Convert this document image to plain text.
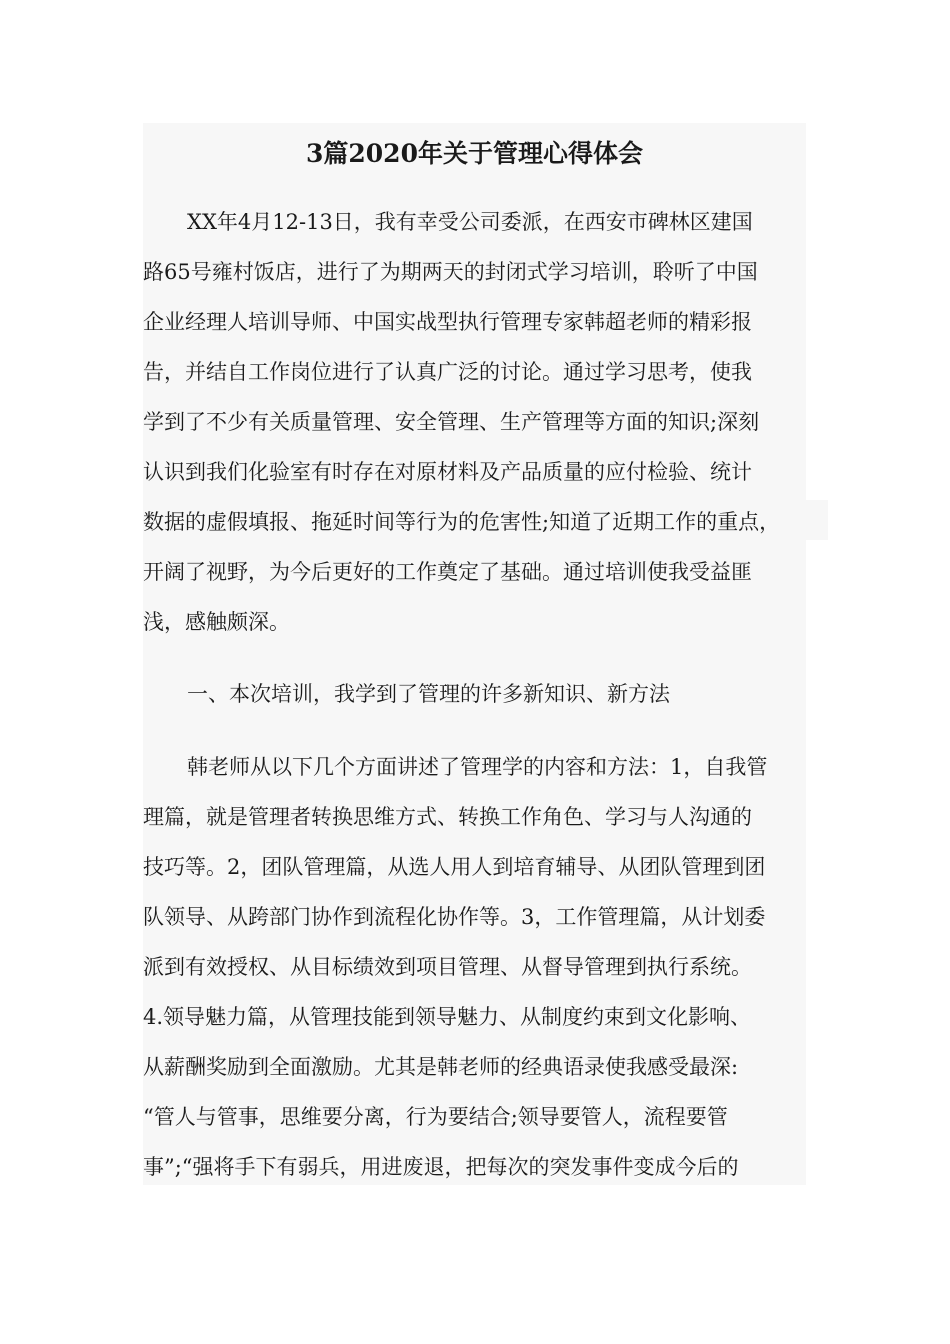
3篇2020年关于管理心得体会

XX年4月12-13日，我有幸受公司委派，在西安市碑林区建国

路65号雍村饭店，进行了为期两天的封闭式学习培训，聆听了中国

企业经理人培训导师、中国实战型执行管理专家韩超老师的精彩报

告，并结自工作岗位进行了认真广泛的讨论。通过学习思考，使我

学到了不少有关质量管理、安全管理、生产管理等方面的知识;深刻

认识到我们化验室有时存在对原材料及产品质量的应付检验、统计

数据的虚假填报、拖延时间等行为的危害性;知道了近期工作的重点，

开阔了视野，为今后更好的工作奠定了基础。通过培训使我受益匪

浅，感触颇深。

一、本次培训，我学到了管理的许多新知识、新方法

韩老师从以下几个方面讲述了管理学的内容和方法：1，自我管

理篇，就是管理者转换思维方式、转换工作角色、学习与人沟通的

技巧等。2，团队管理篇，从选人用人到培育辅导、从团队管理到团

队领导、从跨部门协作到流程化协作等。3，工作管理篇，从计划委

派到有效授权、从目标绩效到项目管理、从督导管理到执行系统。

4.领导魅力篇，从管理技能到领导魅力、从制度约束到文化影响、

从薪酬奖励到全面激励。尤其是韩老师的经典语录使我感受最深:

“管人与管事，思维要分离，行为要结合;领导要管人，流程要管

事”;“强将手下有弱兵，用进废退，把每次的突发事件变成今后的
